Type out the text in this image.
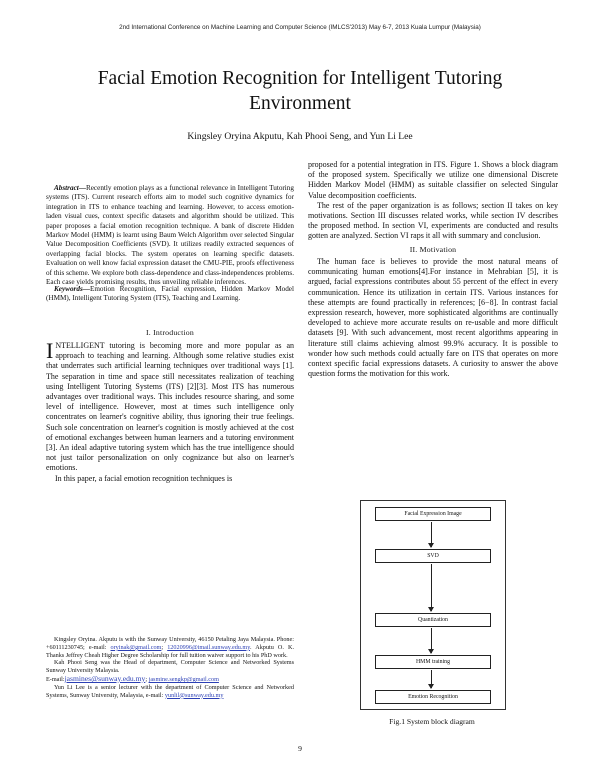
2nd International Conference on Machine Learning and Computer Science (IMLCS'2013) May 6-7, 2013 Kuala Lumpur (Malaysia)
Facial Emotion Recognition for Intelligent Tutoring Environment
Kingsley Oryina Akputu, Kah Phooi Seng, and Yun Li Lee

Abstract—Recently emotion plays as a functional relevance in Intelligent Tutoring systems (ITS). Current research efforts aim to model such cognitive dynamics for integration in ITS to enhance teaching and learning. However, to access emotion-laden visual cues, context specific datasets and algorithm should be utilized. This paper proposes a facial emotion recognition technique. A bank of discrete Hidden Markov Model (HMM) is learnt using Baum Welch Algorithm over selected Singular Value Decomposition Coefficients (SVD). It utilizes readily extracted sequences of overlapping facial blocks. The system operates on learning specific datasets. Evaluation on well know facial expression dataset the CMU-PIE, proofs effectiveness of this scheme. We explore both class-dependence and class-independences problems. Each case yields promising results, thus unveiling reliable inferences.

Keywords—Emotion Recognition, Facial expression, Hidden Markov Model (HMM), Intelligent Tutoring System (ITS), Teaching and Learning.

I. Introduction

INTELLIGENT tutoring is becoming more and more popular as an approach to teaching and learning. Although some relative studies exist that underrates such artificial learning techniques over traditional ways [1]. The separation in time and space still necessitates realization of teaching using Intelligent Tutoring Systems (ITS) [2][3]. Most ITS has numerous advantages over traditional ways. This includes resource sharing, and some level of intelligence. However, most at times such intelligence only concentrates on learner's cognitive ability, thus ignoring their true feelings. Such sole concentration on learner's cognition is mostly achieved at the cost of emotional exchanges between human learners and a tutoring environment [3]. An ideal adaptive tutoring system which has the true intelligence should not just tailor personalization on only cognizance but also on learner's emotions.

In this paper, a facial emotion recognition techniques is

Kingsley Oryina. Akputu is with the Sunway University, 46150 Petaling Jaya Malaysia. Phone: +60111230745; e-mail: oryinak@gmail.com; 12020996@imail.sunway.edu.my. Akputu O. K. Thanks Jeffrey Cheah Higher Degree Scholarship for full tuition waiver support to his PhD work.

Kah Phooi Seng was the Head of department, Computer Science and Networked Systems Sunway University Malaysia.

E-mail:jasmines@sunway.edu.my; jasmine.sengkp@gmail.com

Yun Li Lee is a senior lecturer with the department of Computer Science and Networked Systems, Sunway University, Malaysia, e-mail: yunlil@sunway.edu.my

proposed for a potential integration in ITS. Figure 1. Shows a block diagram of the proposed system. Specifically we utilize one dimensional Discrete Hidden Markov Model (HMM) as suitable classifier on selected Singular Value decomposition coefficients.

The rest of the paper organization is as follows; section II takes on key motivations. Section III discusses related works, while section IV describes the proposed method. In section VI, experiments are conducted and results gotten are analyzed. Section VI raps it all with summary and conclusion.

II. Motivation

The human face is believes to provide the most natural means of communicating human emotions[4].For instance in Mehrabian [5], it is argued, facial expressions contributes about 55 percent of the effect in every communication. Hence its utilization in certain ITS. Various instances for these attempts are found practically in references; [6−8]. In contrast facial expression research, however, more sophisticated algorithms are continually developed to achieve more accurate results on re-usable and more difficult datasets [9]. With such advancement, most recent algorithms appearing in literature still claims achieving almost 99.9% accuracy. It is possible to wonder how such methods could actually fare on ITS that operates on more context specific facial expressions datasets. A curiosity to answer the above question forms the motivation for this work.

Facial Expression Image
SVD
Quantization
HMM training
Emotion Recognition
Fig.1 System block diagram
9
